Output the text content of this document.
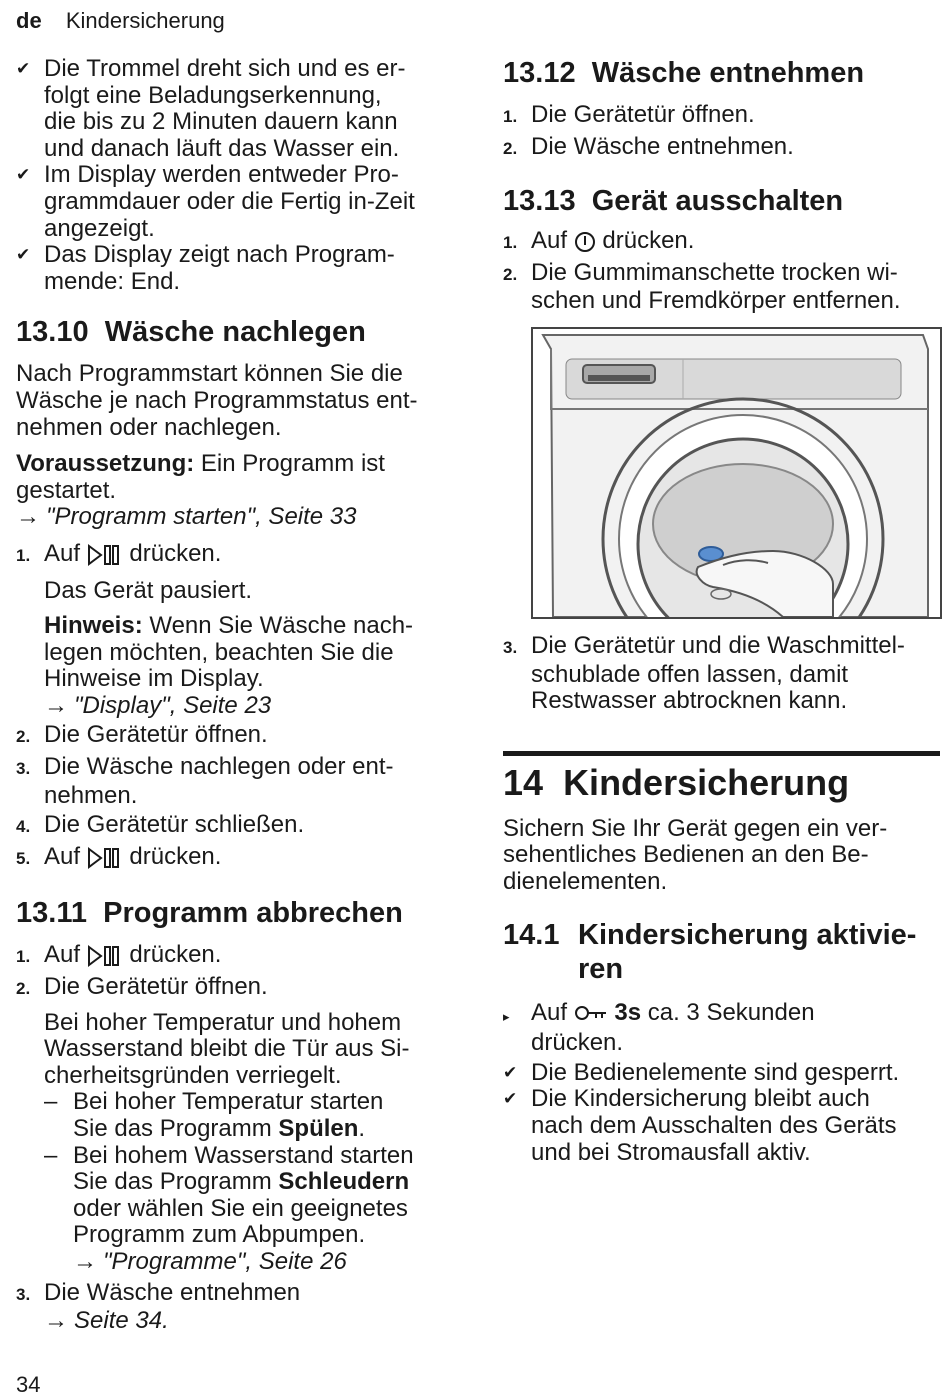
de Kindersicherung
✔ Die Trommel dreht sich und es er-

folgt eine Beladungserkennung,

die bis zu 2 Minuten dauern kann

und danach läuft das Wasser ein.

✔ Im Display werden entweder Pro-

grammdauer oder die Fertig in-Zeit

angezeigt.

✔ Das Display zeigt nach Program-

mende: End.

13.10 Wäsche nachlegen

Nach Programmstart können Sie die

Wäsche je nach Programmstatus ent-

nehmen oder nachlegen.

Voraussetzung: Ein Programm ist

gestartet.

→ "Programm starten", Seite 33

1. Auf drücken.

Das Gerät pausiert.

Hinweis: Wenn Sie Wäsche nach-

legen möchten, beachten Sie die

Hinweise im Display.

→ "Display", Seite 23

2. Die Gerätetür öffnen.
3. Die Wäsche nachlegen oder ent-

nehmen.

4. Die Gerätetür schließen.
5. Auf drücken.
13.11 Programm abbrechen
1. Auf drücken.
2. Die Gerätetür öffnen.

Bei hoher Temperatur und hohem

Wasserstand bleibt die Tür aus Si-

cherheitsgründen verriegelt.

– Bei hoher Temperatur starten

Sie das Programm Spülen.

– Bei hohem Wasserstand starten

Sie das Programm Schleudern

oder wählen Sie ein geeignetes

Programm zum Abpumpen.

→ "Programme", Seite 26

3. Die Wäsche entnehmen

→ Seite 34.

13.12 Wäsche entnehmen
1. Die Gerätetür öffnen.
2. Die Wäsche entnehmen.
13.13 Gerät ausschalten
1. Auf drücken.
2. Die Gummimanschette trocken wi-

schen und Fremdkörper entfernen.

3. Die Gerätetür und die Waschmittel-

schublade offen lassen, damit

Restwasser abtrocknen kann.

14 Kindersicherung

Sichern Sie Ihr Gerät gegen ein ver-

sehentliches Bedienen an den Be-

dienelementen.

14.1 Kindersicherung aktivie-
ren
▸ Auf 3s ca. 3 Sekunden

drücken.

✔ Die Bedienelemente sind gesperrt.
✔ Die Kindersicherung bleibt auch

nach dem Ausschalten des Geräts

und bei Stromausfall aktiv.

34
